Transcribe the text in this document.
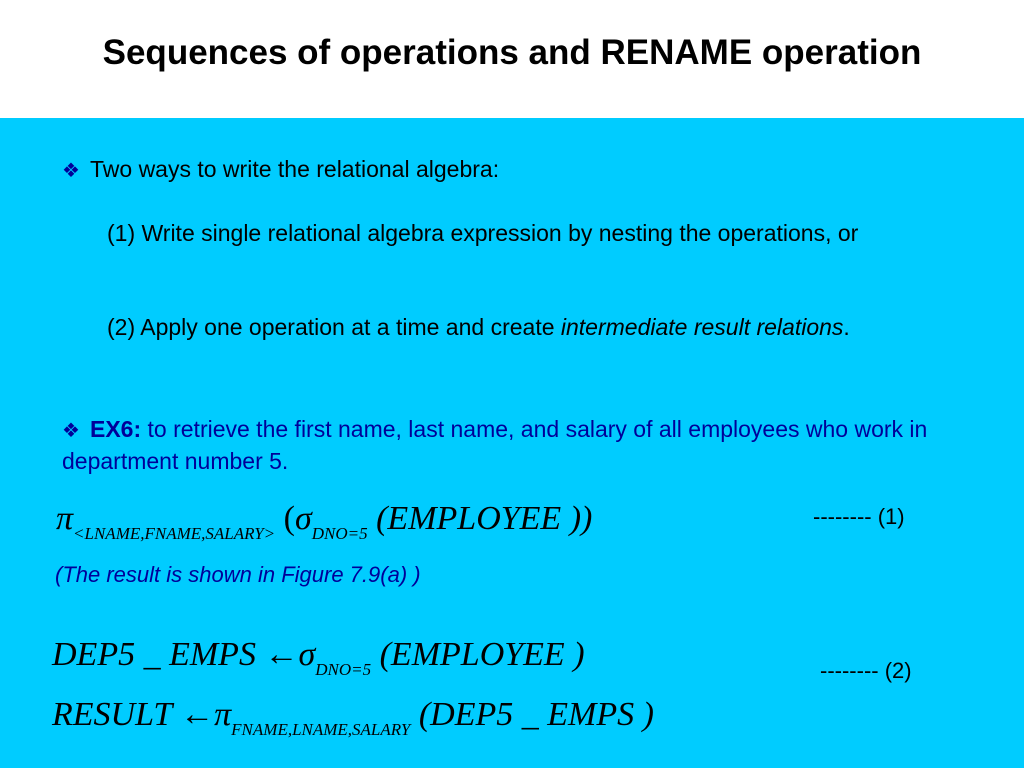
Sequences of operations and RENAME operation

❖ Two ways to write the relational algebra:

(1) Write single relational algebra expression by nesting the operations, or

(2) Apply one operation at a time and create intermediate result relations.

❖ EX6: to retrieve the first name, last name, and salary of all employees who work in department number 5.

$\pi_{<LNAME,FNAME,SALARY>}$ ($\sigma_{DNO=5}$ (EMPLOYEE ))	-------- (1)

(The result is shown in Figure 7.9(a) )

DEP5 _ EMPS $\leftarrow\sigma_{DNO=5}$ (EMPLOYEE )	-------- (2)
RESULT $\leftarrow\pi_{FNAME,LNAME,SALARY}$ (DEP5 _ EMPS )
